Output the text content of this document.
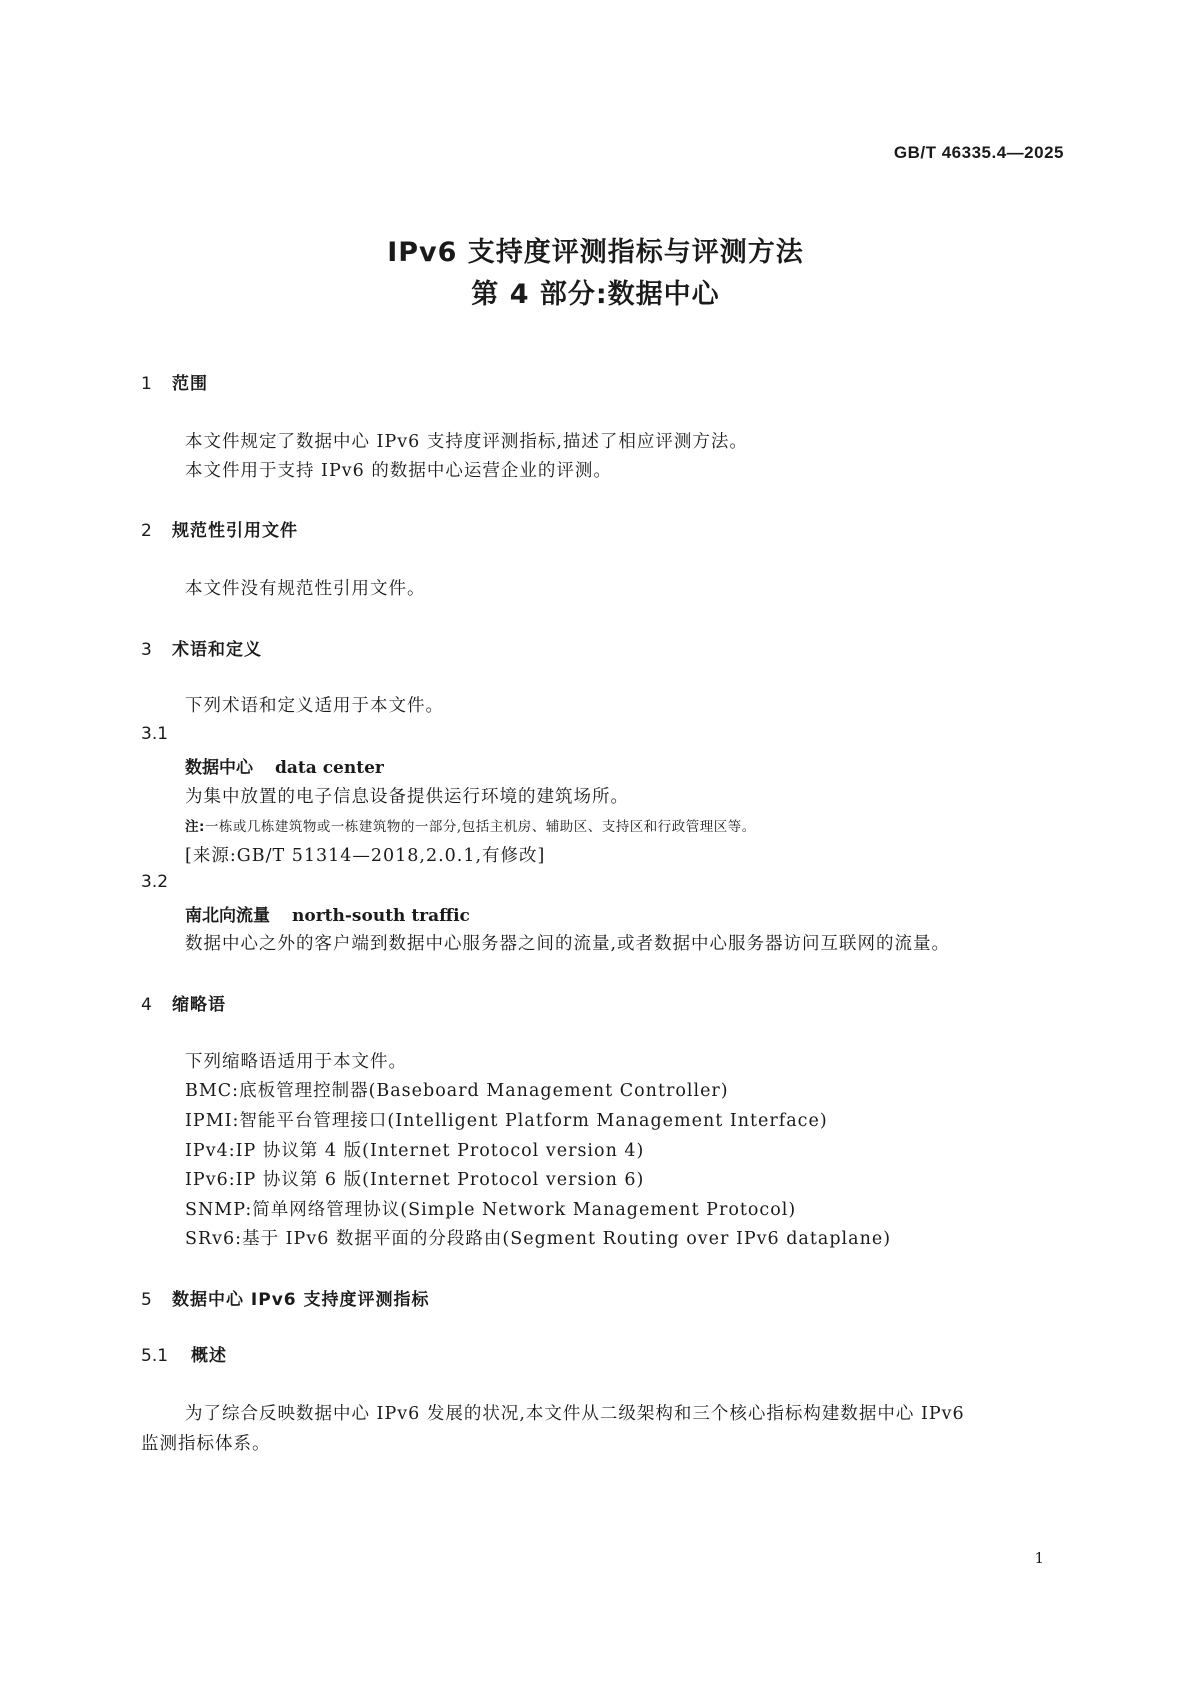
GB/T 46335.4—2025
IPv6 支持度评测指标与评测方法
第 4 部分:数据中心
1 范围
本文件规定了数据中心 IPv6 支持度评测指标,描述了相应评测方法。
本文件用于支持 IPv6 的数据中心运营企业的评测。
2 规范性引用文件
本文件没有规范性引用文件。
3 术语和定义
下列术语和定义适用于本文件。
3.1
数据中心 data center
为集中放置的电子信息设备提供运行环境的建筑场所。
注:一栋或几栋建筑物或一栋建筑物的一部分,包括主机房、辅助区、支持区和行政管理区等。
[来源:GB/T 51314—2018,2.0.1,有修改]
3.2
南北向流量 north-south traffic
数据中心之外的客户端到数据中心服务器之间的流量,或者数据中心服务器访问互联网的流量。
4 缩略语
下列缩略语适用于本文件。
BMC:底板管理控制器(Baseboard Management Controller)
IPMI:智能平台管理接口(Intelligent Platform Management Interface)
IPv4:IP 协议第 4 版(Internet Protocol version 4)
IPv6:IP 协议第 6 版(Internet Protocol version 6)
SNMP:简单网络管理协议(Simple Network Management Protocol)
SRv6:基于 IPv6 数据平面的分段路由(Segment Routing over IPv6 dataplane)
5 数据中心 IPv6 支持度评测指标
5.1 概述
为了综合反映数据中心 IPv6 发展的状况,本文件从二级架构和三个核心指标构建数据中心 IPv6
监测指标体系。
1
